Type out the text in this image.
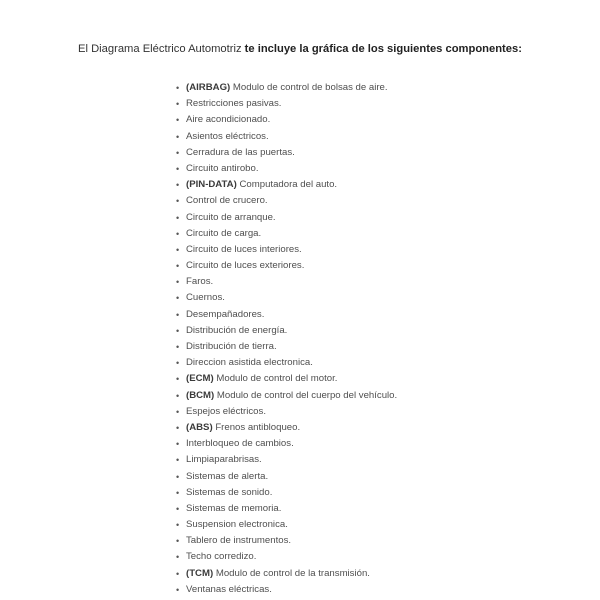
El Diagrama Eléctrico Automotriz te incluye la gráfica de los siguientes componentes:
• (AIRBAG) Modulo de control de bolsas de aire.
• Restricciones pasivas.
• Aire acondicionado.
• Asientos eléctricos.
• Cerradura de las puertas.
• Circuito antirobo.
• (PIN-DATA) Computadora del auto.
• Control de crucero.
• Circuito de arranque.
• Circuito de carga.
• Circuito de luces interiores.
• Circuito de luces exteriores.
• Faros.
• Cuernos.
• Desempañadores.
• Distribución de energía.
• Distribución de tierra.
• Direccion asistida electronica.
• (ECM) Modulo de control del motor.
• (BCM) Modulo de control del cuerpo del vehículo.
• Espejos eléctricos.
• (ABS) Frenos antibloqueo.
• Interbloqueo de cambios.
• Limpiaparabrisas.
• Sistemas de alerta.
• Sistemas de sonido.
• Sistemas de memoria.
• Suspension electronica.
• Tablero de instrumentos.
• Techo corredizo.
• (TCM) Modulo de control de la transmisión.
• Ventanas eléctricas.
